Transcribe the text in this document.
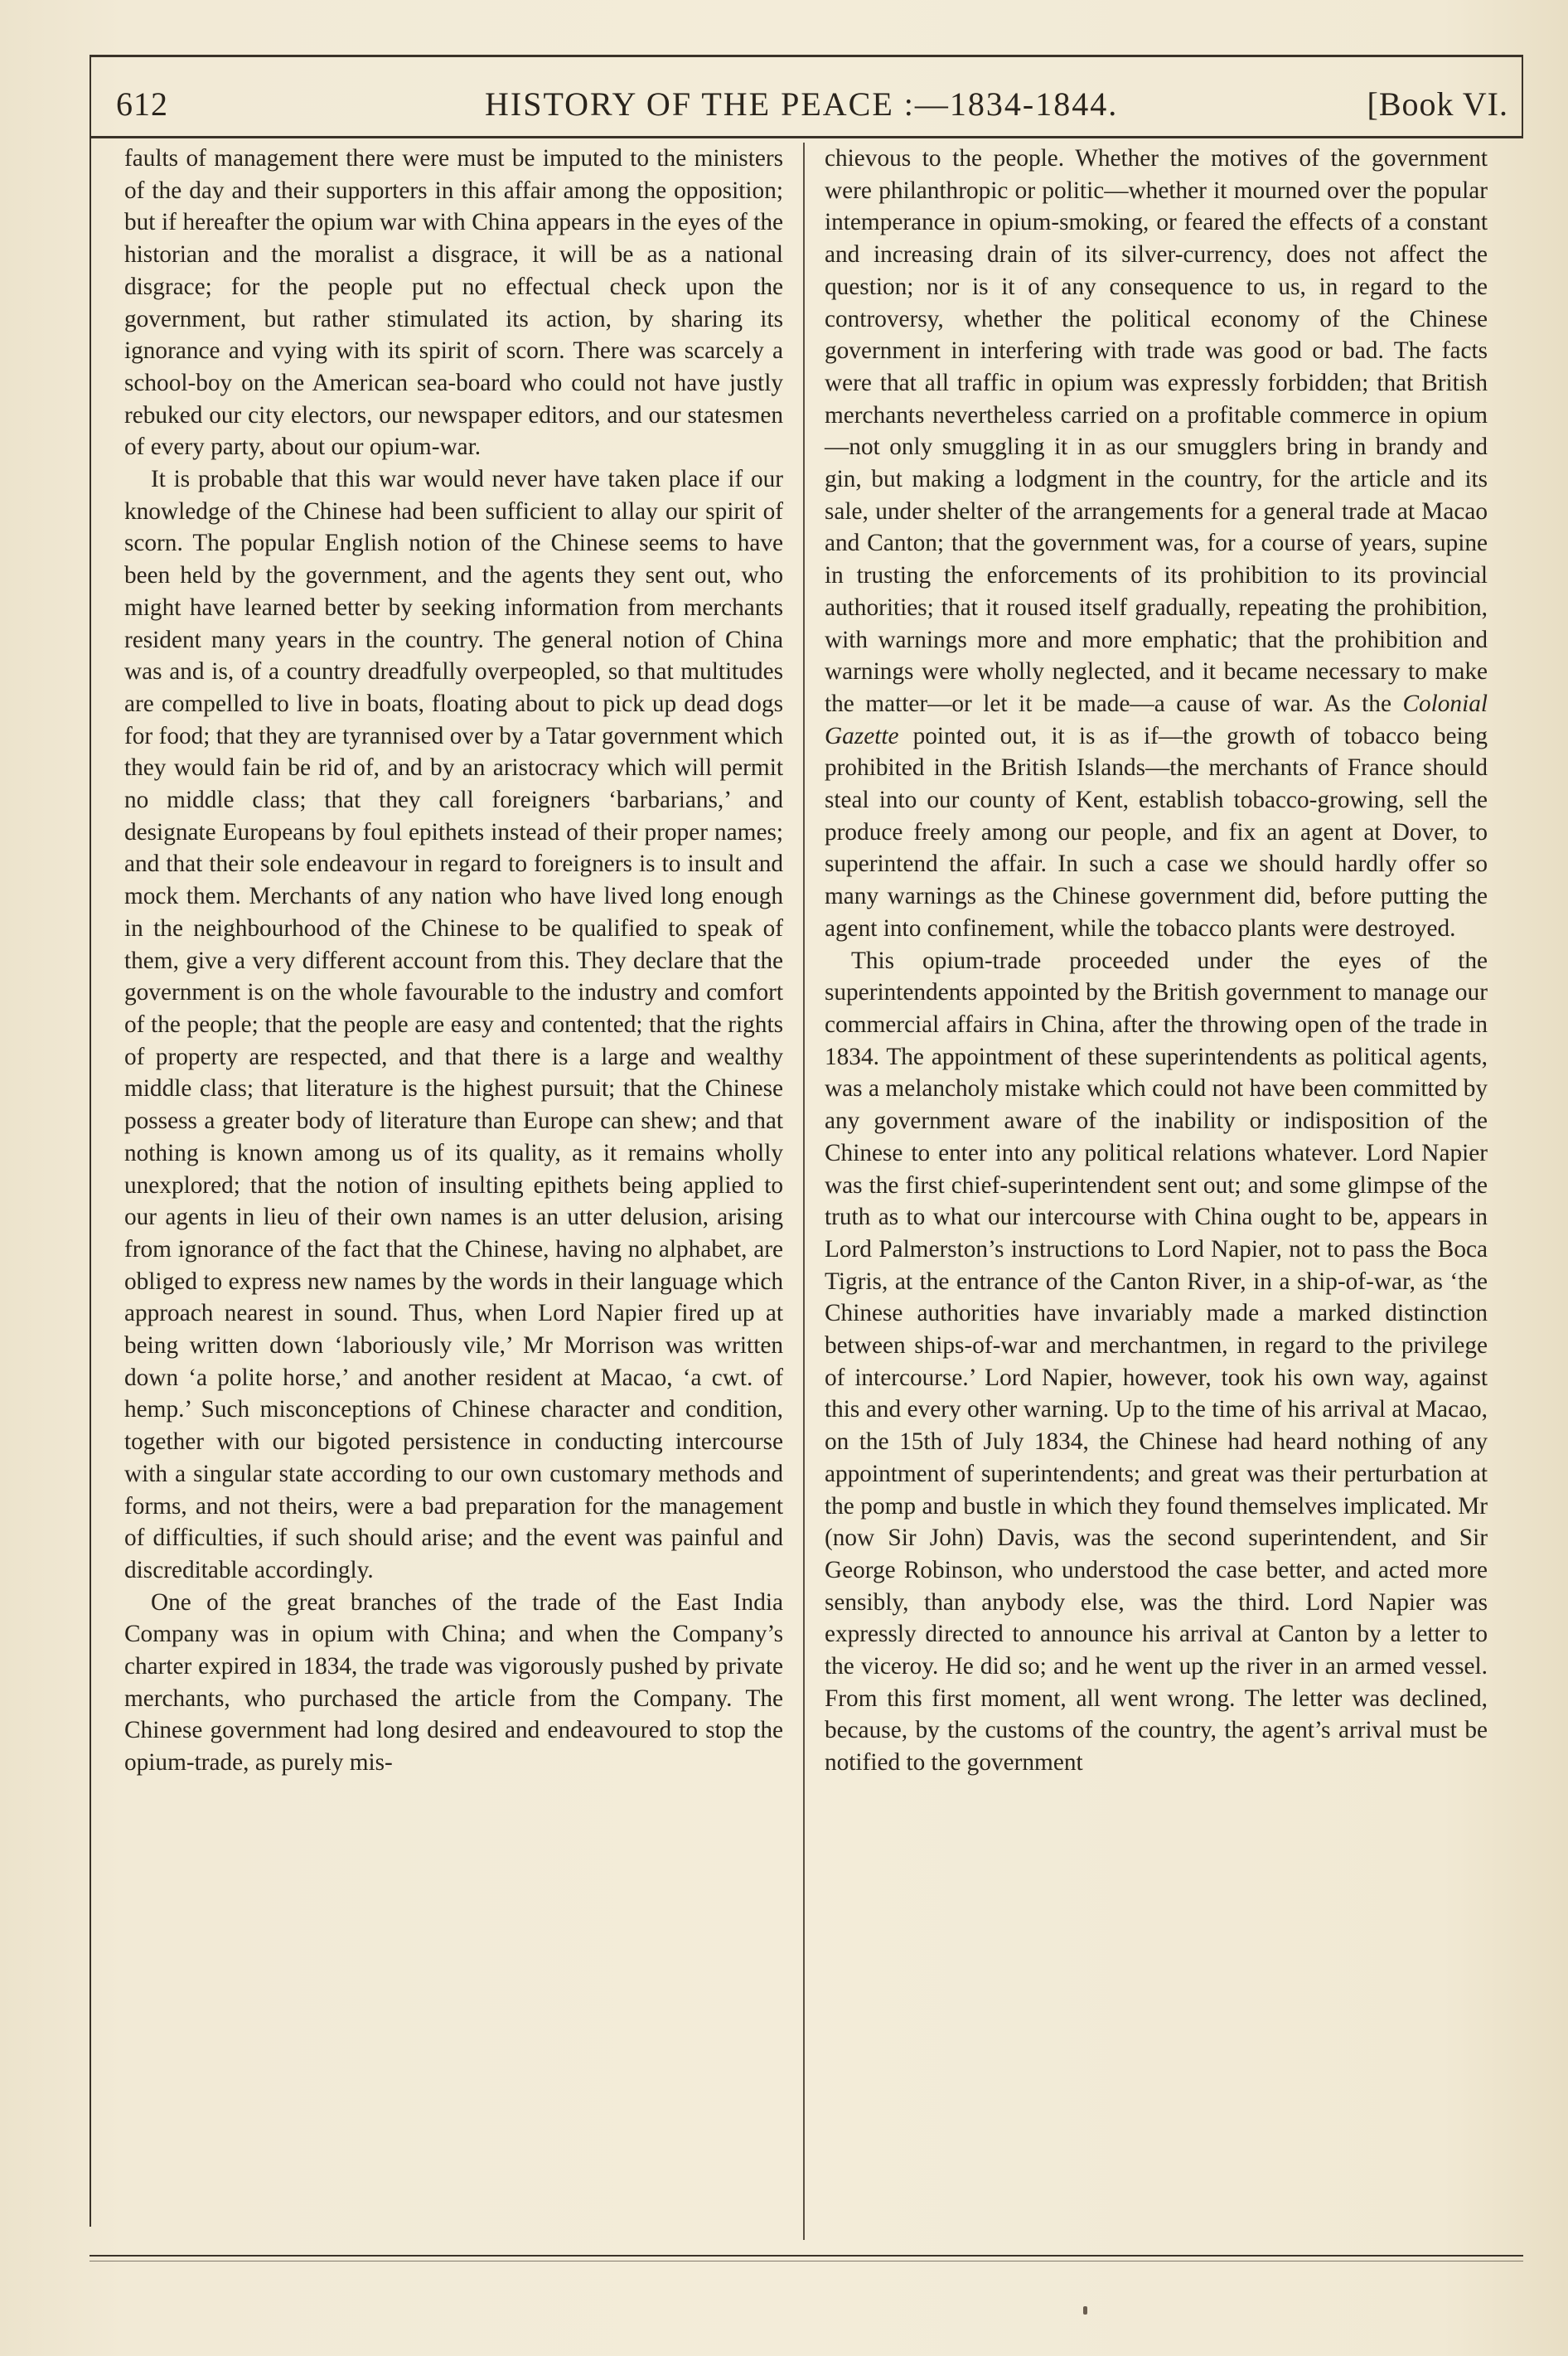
612	HISTORY OF THE PEACE :—1834-1844.	[Book VI.

faults of management there were must be imputed to the ministers of the day and their supporters in this affair among the opposition; but if hereafter the opium war with China appears in the eyes of the historian and the moralist a disgrace, it will be as a national disgrace; for the people put no effectual check upon the government, but rather stimulated its action, by sharing its ignorance and vying with its spirit of scorn. There was scarcely a school-boy on the American sea-board who could not have justly rebuked our city electors, our newspaper editors, and our statesmen of every party, about our opium-war.

It is probable that this war would never have taken place if our knowledge of the Chinese had been sufficient to allay our spirit of scorn. The popular English notion of the Chinese seems to have been held by the government, and the agents they sent out, who might have learned better by seeking information from merchants resident many years in the country. The general notion of China was and is, of a country dreadfully overpeopled, so that multitudes are compelled to live in boats, floating about to pick up dead dogs for food; that they are tyrannised over by a Tatar government which they would fain be rid of, and by an aristocracy which will permit no middle class; that they call foreigners ‘barbarians,’ and designate Europeans by foul epithets instead of their proper names; and that their sole endeavour in regard to foreigners is to insult and mock them. Merchants of any nation who have lived long enough in the neighbourhood of the Chinese to be qualified to speak of them, give a very different account from this. They declare that the government is on the whole favourable to the industry and comfort of the people; that the people are easy and contented; that the rights of property are respected, and that there is a large and wealthy middle class; that literature is the highest pursuit; that the Chinese possess a greater body of literature than Europe can shew; and that nothing is known among us of its quality, as it remains wholly unexplored; that the notion of insulting epithets being applied to our agents in lieu of their own names is an utter delusion, arising from ignorance of the fact that the Chinese, having no alphabet, are obliged to express new names by the words in their language which approach nearest in sound. Thus, when Lord Napier fired up at being written down ‘laboriously vile,’ Mr Morrison was written down ‘a polite horse,’ and another resident at Macao, ‘a cwt. of hemp.’ Such misconceptions of Chinese character and condition, together with our bigoted persistence in conducting intercourse with a singular state according to our own customary methods and forms, and not theirs, were a bad preparation for the management of difficulties, if such should arise; and the event was painful and discreditable accordingly.

One of the great branches of the trade of the East India Company was in opium with China; and when the Company’s charter expired in 1834, the trade was vigorously pushed by private merchants, who purchased the article from the Company. The Chinese government had long desired and endeavoured to stop the opium-trade, as purely mis-

chievous to the people. Whether the motives of the government were philanthropic or politic—whether it mourned over the popular intemperance in opium-smoking, or feared the effects of a constant and increasing drain of its silver-currency, does not affect the question; nor is it of any consequence to us, in regard to the controversy, whether the political economy of the Chinese government in interfering with trade was good or bad. The facts were that all traffic in opium was expressly forbidden; that British merchants nevertheless carried on a profitable commerce in opium—not only smuggling it in as our smugglers bring in brandy and gin, but making a lodgment in the country, for the article and its sale, under shelter of the arrangements for a general trade at Macao and Canton; that the government was, for a course of years, supine in trusting the enforcements of its prohibition to its provincial authorities; that it roused itself gradually, repeating the prohibition, with warnings more and more emphatic; that the prohibition and warnings were wholly neglected, and it became necessary to make the matter—or let it be made—a cause of war. As the Colonial Gazette pointed out, it is as if—the growth of tobacco being prohibited in the British Islands—the merchants of France should steal into our county of Kent, establish tobacco-growing, sell the produce freely among our people, and fix an agent at Dover, to superintend the affair. In such a case we should hardly offer so many warnings as the Chinese government did, before putting the agent into confinement, while the tobacco plants were destroyed.

This opium-trade proceeded under the eyes of the superintendents appointed by the British government to manage our commercial affairs in China, after the throwing open of the trade in 1834. The appointment of these superintendents as political agents, was a melancholy mistake which could not have been committed by any government aware of the inability or indisposition of the Chinese to enter into any political relations whatever. Lord Napier was the first chief-superintendent sent out; and some glimpse of the truth as to what our intercourse with China ought to be, appears in Lord Palmerston’s instructions to Lord Napier, not to pass the Boca Tigris, at the entrance of the Canton River, in a ship-of-war, as ‘the Chinese authorities have invariably made a marked distinction between ships-of-war and merchantmen, in regard to the privilege of intercourse.’ Lord Napier, however, took his own way, against this and every other warning. Up to the time of his arrival at Macao, on the 15th of July 1834, the Chinese had heard nothing of any appointment of superintendents; and great was their perturbation at the pomp and bustle in which they found themselves implicated. Mr (now Sir John) Davis, was the second superintendent, and Sir George Robinson, who understood the case better, and acted more sensibly, than anybody else, was the third. Lord Napier was expressly directed to announce his arrival at Canton by a letter to the viceroy. He did so; and he went up the river in an armed vessel. From this first moment, all went wrong. The letter was declined, because, by the customs of the country, the agent’s arrival must be notified to the government
